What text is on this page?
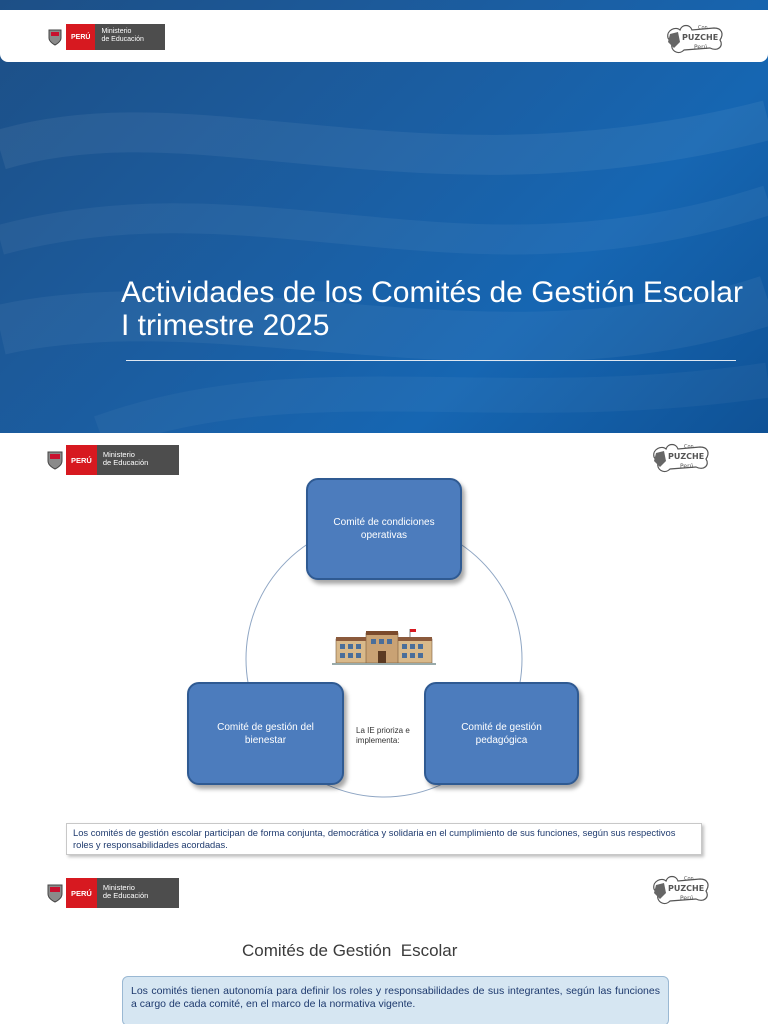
PERÚ
Ministerio
de Educación
Con
PUZCHE
Perú
Actividades de los Comités de Gestión Escolar
I trimestre 2025
PERÚ
Ministerio
de Educación
Con
PUZCHE
Perú
Comité de condiciones operativas
Comité de gestión del bienestar
Comité de gestión pedagógica
La IE prioriza e implementa:
Los comités de gestión escolar participan de forma conjunta, democrática y solidaria en el cumplimiento de sus funciones, según sus respectivos roles y responsabilidades acordadas.
PERÚ
Ministerio
de Educación
Con
PUZCHE
Perú
Comités de Gestión  Escolar
Los comités tienen autonomía para definir los roles y responsabilidades de sus integrantes, según las funciones a cargo de cada comité, en el marco de la normativa vigente.
